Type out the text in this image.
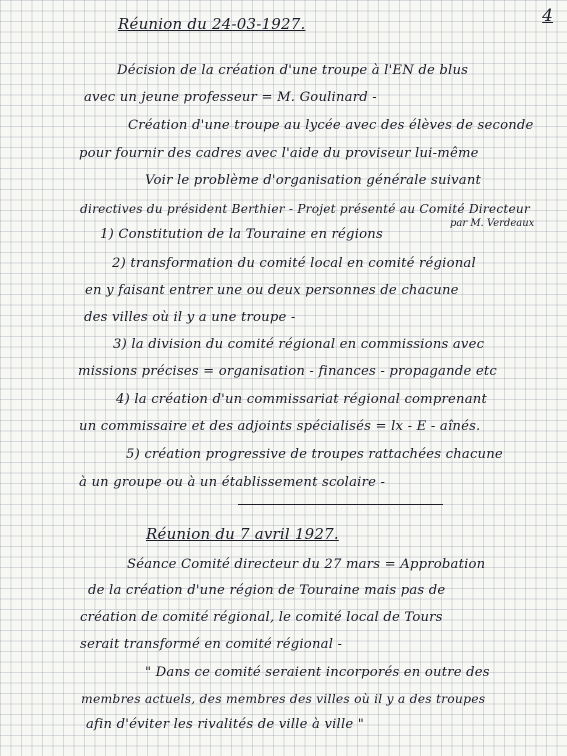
4
Réunion du 24-03-1927.
Décision de la création d'une troupe à l'EN de blus
avec un jeune professeur = M. Goulinard -
Création d'une troupe au lycée avec des élèves de seconde
pour fournir des cadres avec l'aide du proviseur lui-même
Voir le problème d'organisation générale suivant
directives du président Berthier - Projet présenté au Comité Directeur
par M. Verdeaux
1) Constitution de la Touraine en régions
2) transformation du comité local en comité régional
en y faisant entrer une ou deux personnes de chacune
des villes où il y a une troupe -
3) la division du comité régional en commissions avec
missions précises = organisation - finances - propagande etc
4) la création d'un commissariat régional comprenant
un commissaire et des adjoints spécialisés = lx - E - aînés.
5) création progressive de troupes rattachées chacune
à un groupe ou à un établissement scolaire -
Réunion du 7 avril 1927.
Séance Comité directeur du 27 mars = Approbation
de la création d'une région de Touraine mais pas de
création de comité régional, le comité local de Tours
serait transformé en comité régional -
" Dans ce comité seraient incorporés en outre des
membres actuels, des membres des villes où il y a des troupes
afin d'éviter les rivalités de ville à ville "
